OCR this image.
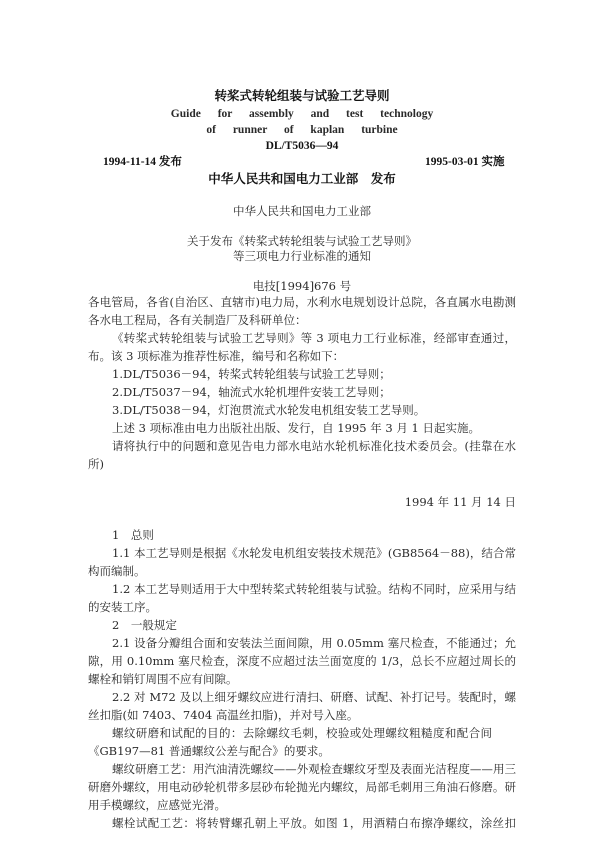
转桨式转轮组装与试验工艺导则
Guide for assembly and test technology
of runner of kaplan turbine
DL/T5036—94
1994-11-14 发布	1995-03-01 实施
中华人民共和国电力工业部　发布
中华人民共和国电力工业部
关于发布《转桨式转轮组装与试验工艺导则》
等三项电力行业标准的通知
电技[1994]676 号
各电管局，各省(自治区、直辖市)电力局，水利水电规划设计总院，各直属水电勘测
各水电工程局，各有关制造厂及科研单位：
《转桨式转轮组装与试验工艺导则》等 3 项电力工行业标准，经部审查通过，
布。该 3 项标准为推荐性标准，编号和名称如下：
1.DL/T5036－94，转桨式转轮组装与试验工艺导则；
2.DL/T5037－94，轴流式水轮机埋件安装工艺导则；
3.DL/T5038－94，灯泡贯流式水轮发电机组安装工艺导则。
上述 3 项标准由电力出版社出版、发行，自 1995 年 3 月 1 日起实施。
请将执行中的问题和意见告电力部水电站水轮机标准化技术委员会。(挂靠在水
所)
1994 年 11 月 14 日
1　总则
1.1 本工艺导则是根据《水轮发电机组安装技术规范》(GB8564－88)，结合常
构而编制。
1.2 本工艺导则适用于大中型转桨式转轮组装与试验。结构不同时，应采用与结
的安装工序。
2　一般规定
2.1 设备分瓣组合面和安装法兰面间隙，用 0.05mm 塞尺检查，不能通过；允
隙，用 0.10mm 塞尺检查，深度不应超过法兰面宽度的 1/3，总长不应超过周长的
螺栓和销钉周围不应有间隙。
2.2 对 M72 及以上细牙螺纹应进行清扫、研磨、试配、补打记号。装配时，螺
丝扣脂(如 7403、7404 高温丝扣脂)，并对号入座。
螺纹研磨和试配的目的：去除螺纹毛刺，校验或处理螺纹粗糙度和配合间
《GB197—81 普通螺纹公差与配合》的要求。
螺纹研磨工艺：用汽油清洗螺纹——外观检查螺纹牙型及表面光洁程度——用三
研磨外螺纹，用电动砂轮机带多层砂布轮抛光内螺纹，局部毛刺用三角油石修磨。研
用手模螺纹，应感觉光滑。
螺栓试配工艺：将转臂螺孔朝上平放。如图 1，用酒精白布擦净螺纹，涂丝扣
